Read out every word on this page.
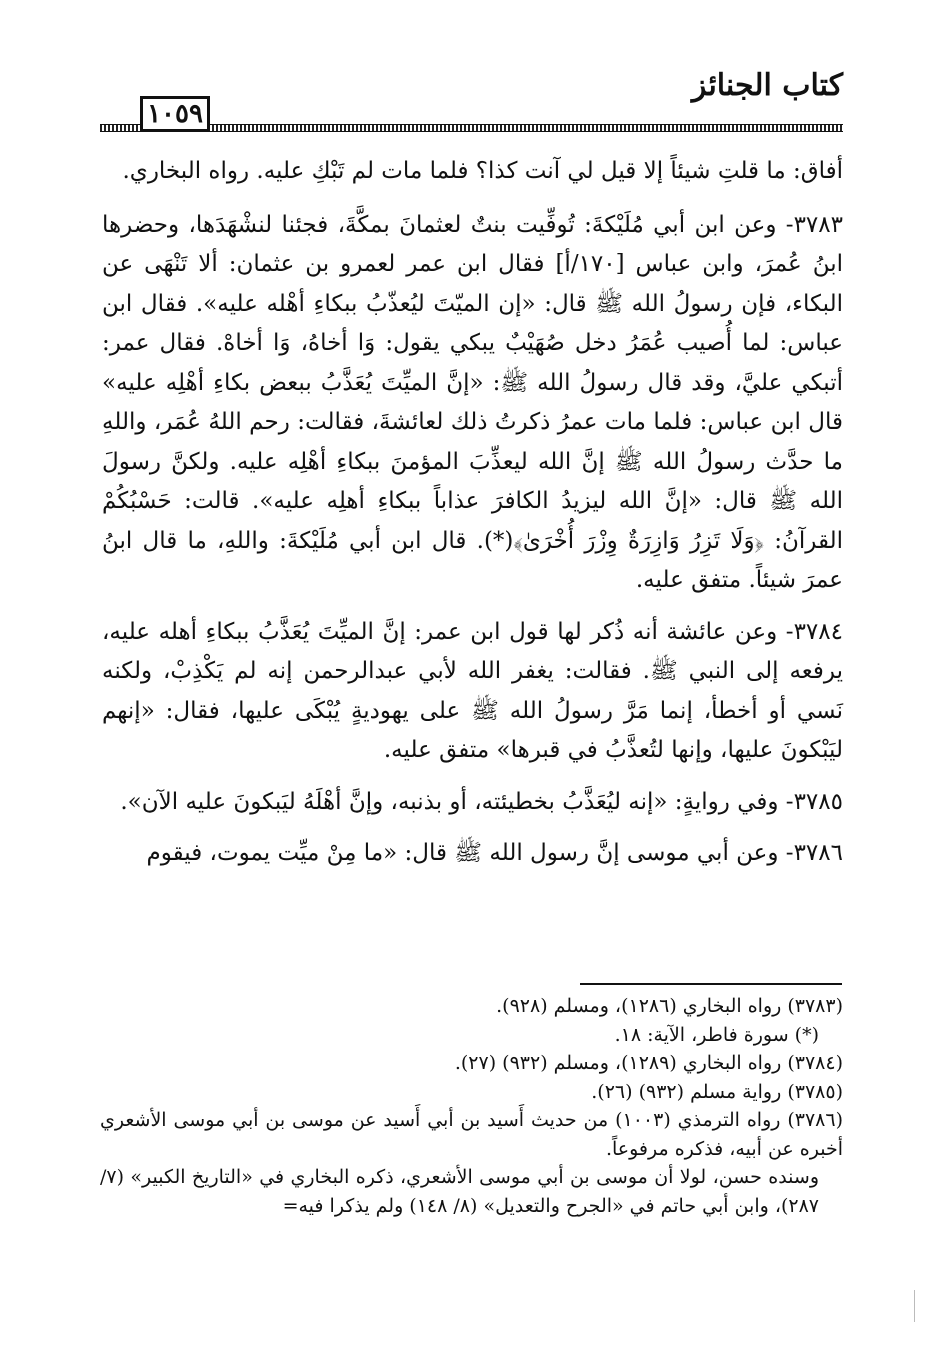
كتاب الجنائز
١٠٥٩

أفاق: ما قلتِ شيئاً إلا قيل لي آنت كذا؟ فلما مات لم تَبْكِ عليه. رواه البخاري.

٣٧٨٣- وعن ابن أبي مُلَيْكةَ: تُوفِّيت بنتٌ لعثمانَ بمكَّةَ، فجئنا لنشْهَدَها، وحضرها ابنُ عُمرَ، وابن عباس [١٧٠/أ] فقال ابن عمر لعمرو بن عثمان: ألا تَنْهَى عن البكاء، فإن رسولُ الله ﷺ قال: «إن الميّتَ ليُعذّبُ ببكاءِ أهْله عليه». فقال ابن عباس: لما أُصيب عُمَرُ دخل صُهَيْبٌ يبكي يقول: وَا أخاهُ، وَا أخاهْ. فقال عمر: أتبكي عليَّ، وقد قال رسولُ الله ﷺ: «إنَّ الميِّتَ يُعَذَّبُ ببعض بكاءِ أهْلِه عليه» قال ابن عباس: فلما مات عمرُ ذكرتُ ذلك لعائشةَ، فقالت: رحم اللهُ عُمَر، واللهِ ما حدَّث رسولُ الله ﷺ إنَّ الله ليعذِّبَ المؤمنَ ببكاءِ أهْلِه عليه. ولكنَّ رسولَ الله ﷺ قال: «إنَّ الله ليزيدُ الكافرَ عذاباً ببكاءِ أهلِه عليه». قالت: حَسْبُكُمْ القرآنُ: ﴿وَلَا تَزِرُ وَازِرَةٌ وِزْرَ أُخْرَىٰ﴾(*). قال ابن أبي مُلَيْكةَ: واللهِ، ما قال ابنُ عمرَ شيئاً. متفق عليه.

٣٧٨٤- وعن عائشة أنه ذُكر لها قول ابن عمر: إنَّ الميِّتَ يُعَذَّبُ ببكاءِ أهله عليه، يرفعه إلى النبي ﷺ. فقالت: يغفر الله لأبي عبدالرحمن إنه لم يَكْذِبْ، ولكنه نَسي أو أخطأ، إنما مَرَّ رسولُ الله ﷺ على يهوديةٍ يُبْكَى عليها، فقال: «إنهم ليَبْكونَ عليها، وإنها لتُعذَّبُ في قبرها» متفق عليه.

٣٧٨٥- وفي روايةٍ: «إنه ليُعَذَّبُ بخطيئته، أو بذنبه، وإنَّ أهْلَهُ ليَبكونَ عليه الآن».

٣٧٨٦- وعن أبي موسى إنَّ رسول الله ﷺ قال: «ما مِنْ ميِّت يموت، فيقوم

(٣٧٨٣) رواه البخاري (١٢٨٦)، ومسلم (٩٢٨).

(*) سورة فاطر، الآية: ١٨.

(٣٧٨٤) رواه البخاري (١٢٨٩)، ومسلم (٩٣٢) (٢٧).

(٣٧٨٥) رواية مسلم (٩٣٢) (٢٦).

(٣٧٨٦) رواه الترمذي (١٠٠٣) من حديث أَسيد بن أبي أَسيد عن موسى بن أبي موسى الأشعري أخبره عن أبيه، فذكره مرفوعاً.

وسنده حسن، لولا أن موسى بن أبي موسى الأشعري، ذكره البخاري في «التاريخ الكبير» (٧/ ٢٨٧)، وابن أبي حاتم في «الجرح والتعديل» (٨/ ١٤٨) ولم يذكرا فيه=
